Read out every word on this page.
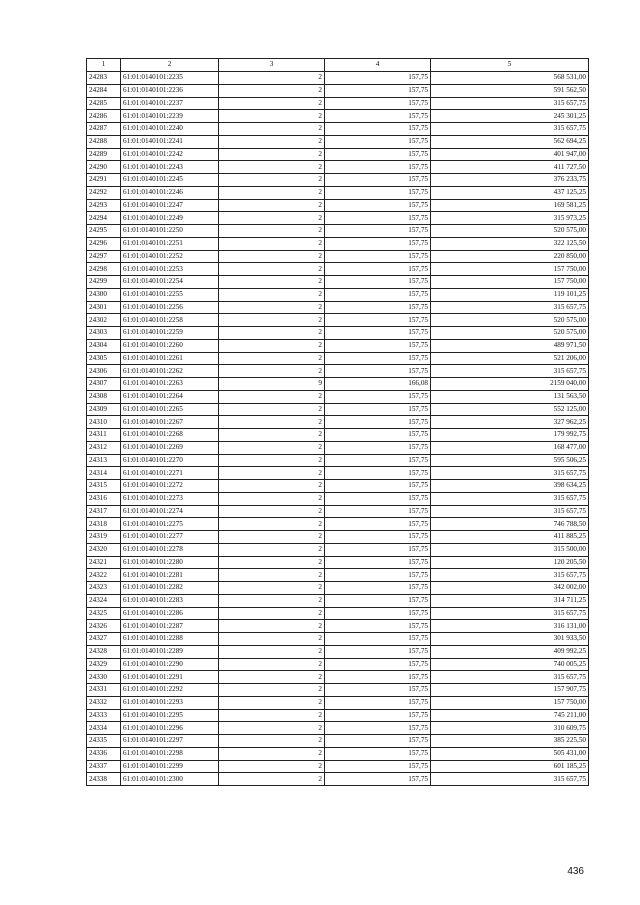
1	2	3	4	5
24283	61:01:0140101:2235	2	157,75	568 531,00
24284	61:01:0140101:2236	2	157,75	591 562,50
24285	61:01:0140101:2237	2	157,75	315 657,75
24286	61:01:0140101:2239	2	157,75	245 301,25
24287	61:01:0140101:2240	2	157,75	315 657,75
24288	61:01:0140101:2241	2	157,75	562 694,25
24289	61:01:0140101:2242	2	157,75	401 947,00
24290	61:01:0140101:2243	2	157,75	411 727,50
24291	61:01:0140101:2245	2	157,75	376 233,75
24292	61:01:0140101:2246	2	157,75	437 125,25
24293	61:01:0140101:2247	2	157,75	169 581,25
24294	61:01:0140101:2249	2	157,75	315 973,25
24295	61:01:0140101:2250	2	157,75	520 575,00
24296	61:01:0140101:2251	2	157,75	322 125,50
24297	61:01:0140101:2252	2	157,75	220 850,00
24298	61:01:0140101:2253	2	157,75	157 750,00
24299	61:01:0140101:2254	2	157,75	157 750,00
24300	61:01:0140101:2255	2	157,75	119 101,25
24301	61:01:0140101:2256	2	157,75	315 657,75
24302	61:01:0140101:2258	2	157,75	520 575,00
24303	61:01:0140101:2259	2	157,75	520 575,00
24304	61:01:0140101:2260	2	157,75	489 971,50
24305	61:01:0140101:2261	2	157,75	521 206,00
24306	61:01:0140101:2262	2	157,75	315 657,75
24307	61:01:0140101:2263	9	166,08	2159 040,00
24308	61:01:0140101:2264	2	157,75	131 563,50
24309	61:01:0140101:2265	2	157,75	552 125,00
24310	61:01:0140101:2267	2	157,75	327 962,25
24311	61:01:0140101:2268	2	157,75	179 992,75
24312	61:01:0140101:2269	2	157,75	168 477,00
24313	61:01:0140101:2270	2	157,75	595 506,25
24314	61:01:0140101:2271	2	157,75	315 657,75
24315	61:01:0140101:2272	2	157,75	398 634,25
24316	61:01:0140101:2273	2	157,75	315 657,75
24317	61:01:0140101:2274	2	157,75	315 657,75
24318	61:01:0140101:2275	2	157,75	746 788,50
24319	61:01:0140101:2277	2	157,75	411 885,25
24320	61:01:0140101:2278	2	157,75	315 500,00
24321	61:01:0140101:2280	2	157,75	120 205,50
24322	61:01:0140101:2281	2	157,75	315 657,75
24323	61:01:0140101:2282	2	157,75	342 002,00
24324	61:01:0140101:2283	2	157,75	314 711,25
24325	61:01:0140101:2286	2	157,75	315 657,75
24326	61:01:0140101:2287	2	157,75	316 131,00
24327	61:01:0140101:2288	2	157,75	301 933,50
24328	61:01:0140101:2289	2	157,75	409 992,25
24329	61:01:0140101:2290	2	157,75	740 005,25
24330	61:01:0140101:2291	2	157,75	315 657,75
24331	61:01:0140101:2292	2	157,75	157 907,75
24332	61:01:0140101:2293	2	157,75	157 750,00
24333	61:01:0140101:2295	2	157,75	745 211,00
24334	61:01:0140101:2296	2	157,75	310 609,75
24335	61:01:0140101:2297	2	157,75	385 225,50
24336	61:01:0140101:2298	2	157,75	505 431,00
24337	61:01:0140101:2299	2	157,75	601 185,25
24338	61:01:0140101:2300	2	157,75	315 657,75
436
